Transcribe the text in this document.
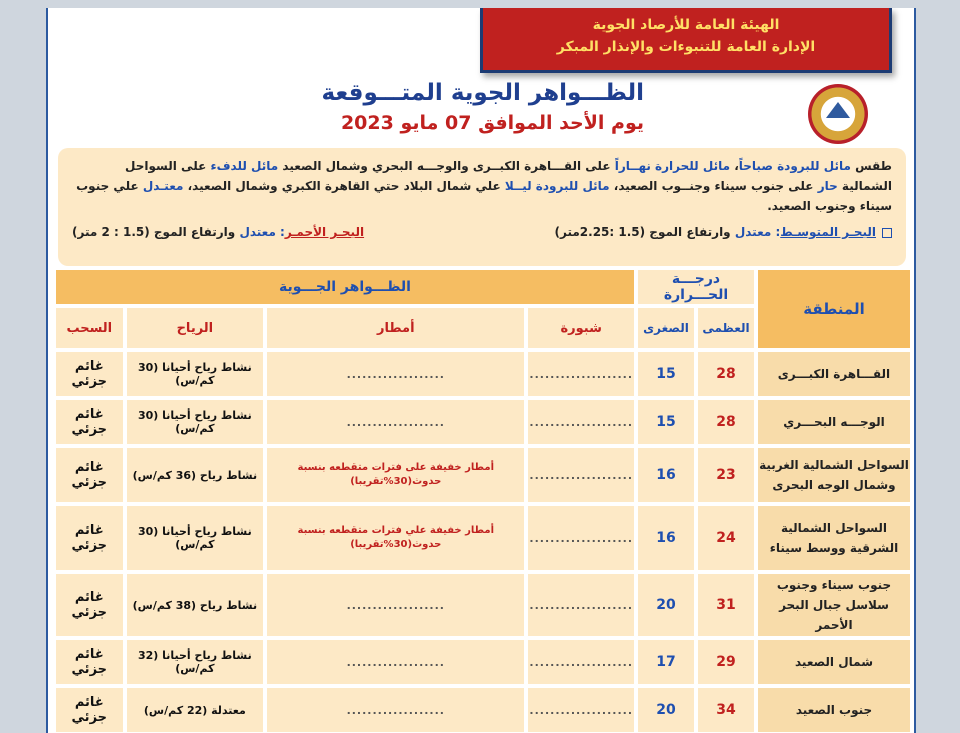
الهيئة العامة للأرصاد الجوية
الإدارة العامة للتنبوءات والإنذار المبكر
الظـــواهر الجوية المتـــوقعة
يوم الأحد الموافق 07 مايو 2023

طقس مائل للبرودة صباحاً، مائل للحرارة نهــاراً على القـــاهرة الكبــرى والوجـــه البحري وشمال الصعيد مائل للدفء على السواحل الشمالية حار على جنوب سيناء وجنــوب الصعيد، مائل للبرودة ليــلا علي شمال البلاد حتي القاهرة الكبري وشمال الصعيد، معتـدل علي جنوب سيناء وجنوب الصعيد.

البحـر المتوسـط: معتدل وارتفاع الموج (1.5 :2.25متر)
البحـر الأحمـر: معتدل وارتفاع الموج (1.5 : 2 متر)
المنطقة	درجـــة الحـــرارة		الظـــواهر الجـــوية			
	العظمى	الصغرى	شبورة	أمطار	الرياح	السحب
القـــاهرة الكبـــرى	28	15	....................	...................	نشاط رياح أحيانا (30 كم/س)	غائم جزئي
الوجـــه البحـــري	28	15	....................	...................	نشاط رياح أحيانا (30 كم/س)	غائم جزئي
السواحل الشمالية الغربية وشمال الوجه البحرى	23	16	....................	أمطار خفيفة على فترات متقطعه بنسبة حدوث(30%تقريبا)	نشاط رياح (36 كم/س)	غائم جزئي
السواحل الشمالية الشرقية ووسط سيناء	24	16	....................	أمطار خفيفة علي فترات متقطعه بنسبة حدوث(30%تقريبا)	نشاط رياح أحيانا (30 كم/س)	غائم جزئي
جنوب سيناء وجنوب سلاسل جبال البحر الأحمر	31	20	....................	...................	نشاط رياح (38 كم/س)	غائم جزئي
شمال الصعيد	29	17	....................	...................	نشاط رياح أحيانا (32 كم/س)	غائم جزئي
جنوب الصعيد	34	20	....................	...................	معتدلة (22 كم/س)	غائم جزئي
